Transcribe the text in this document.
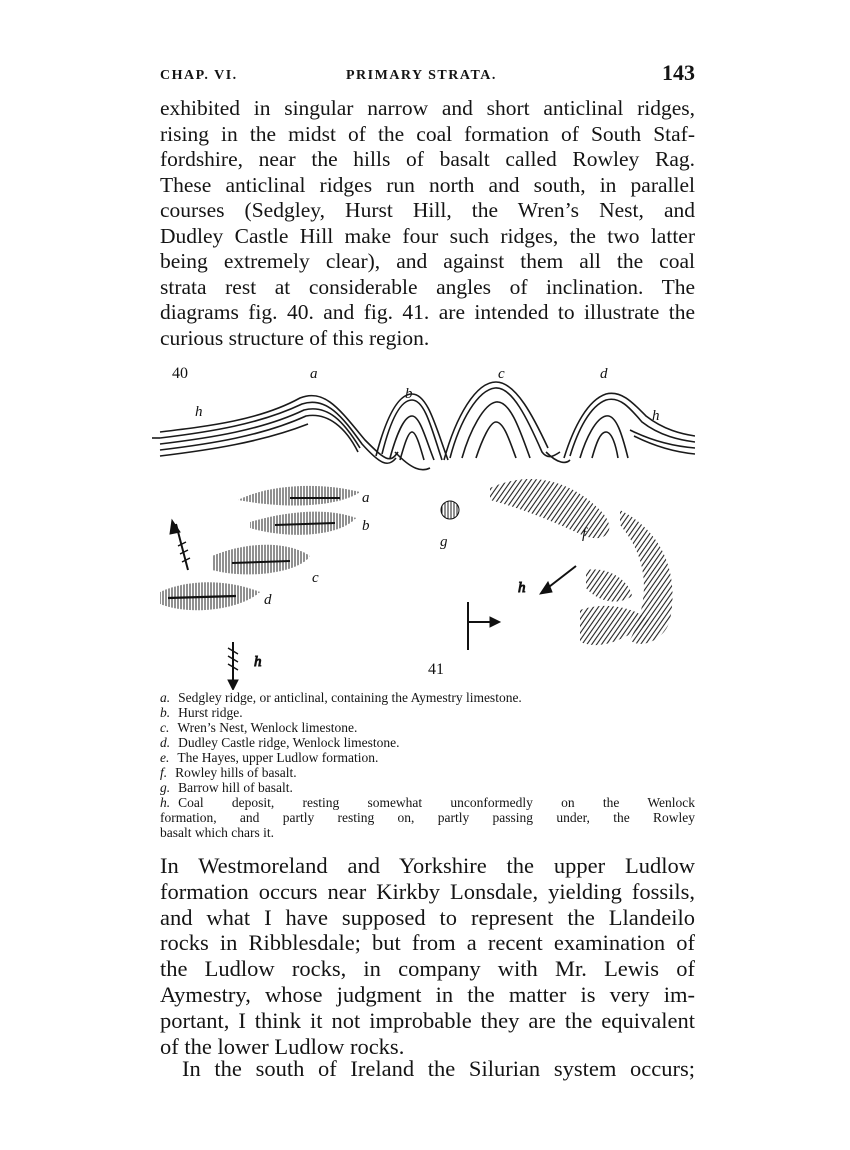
CHAP. VI.	PRIMARY STRATA.	143
exhibited in singular narrow and short anticlinal ridges,
rising in the midst of the coal formation of South Staf-
fordshire, near the hills of basalt called Rowley Rag.
These anticlinal ridges run north and south, in parallel
courses (Sedgley, Hurst Hill, the Wren’s Nest, and
Dudley Castle Hill make four such ridges, the two latter
being extremely clear), and against them all the coal
strata rest at considerable angles of inclination. The
diagrams fig. 40. and fig. 41. are intended to illustrate the
curious structure of this region.
40	a
b
c	d
h	h
a
b
c
d
g	f
h
h	41
a. Sedgley ridge, or anticlinal, containing the Aymestry limestone.
b. Hurst ridge.
c. Wren’s Nest, Wenlock limestone.
d. Dudley Castle ridge, Wenlock limestone.
e. The Hayes, upper Ludlow formation.
f. Rowley hills of basalt.
g. Barrow hill of basalt.
h. Coal deposit, resting somewhat unconformedly on the Wenlock
formation, and partly resting on, partly passing under, the Rowley
basalt which chars it.
In Westmoreland and Yorkshire the upper Ludlow
formation occurs near Kirkby Lonsdale, yielding fossils,
and what I have supposed to represent the Llandeilo
rocks in Ribblesdale; but from a recent examination of
the Ludlow rocks, in company with Mr. Lewis of
Aymestry, whose judgment in the matter is very im-
portant, I think it not improbable they are the equivalent
of the lower Ludlow rocks.
In the south of Ireland the Silurian system occurs;
